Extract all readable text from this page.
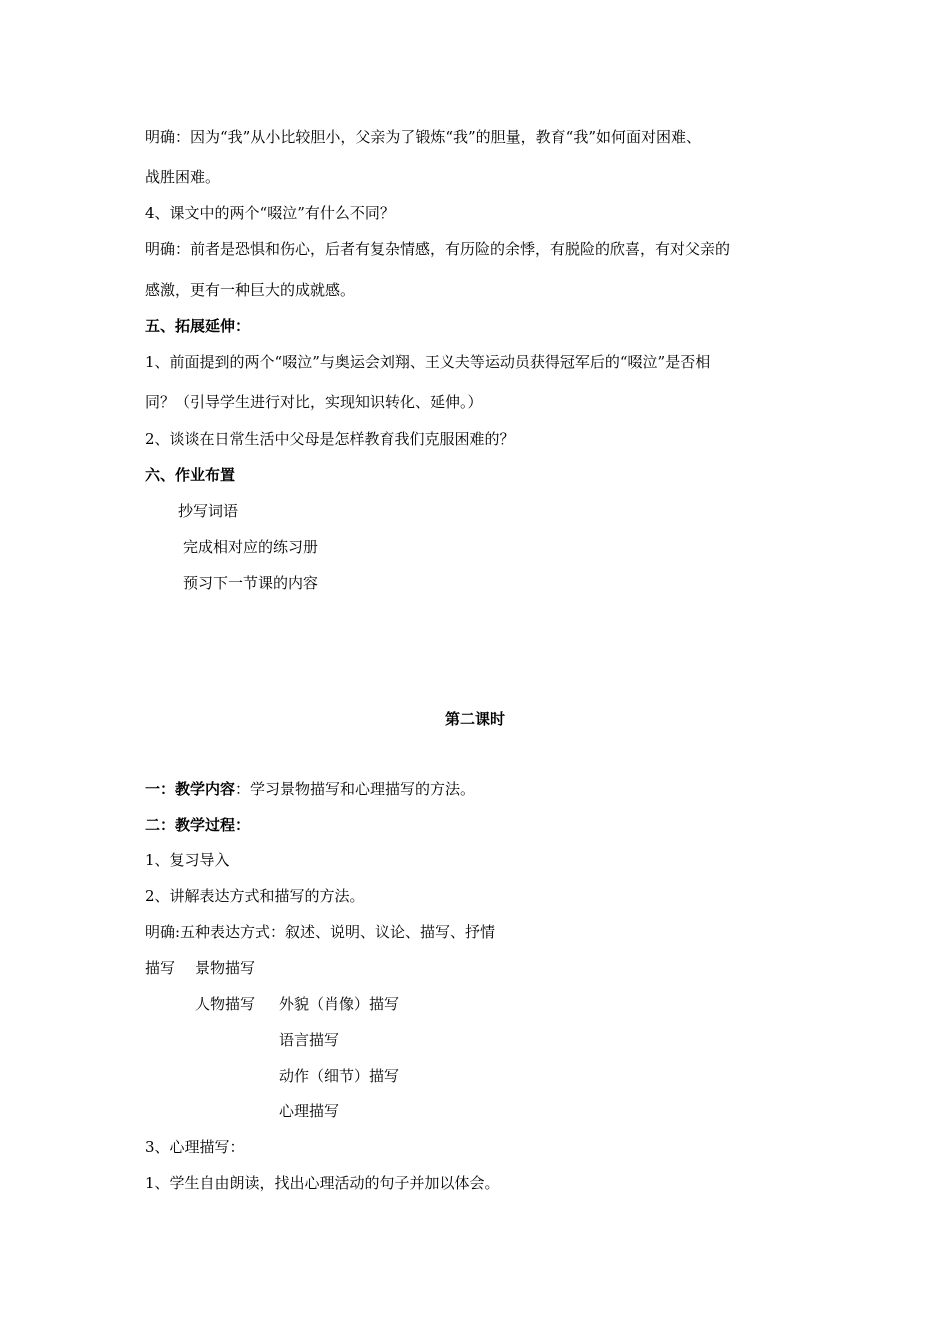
明确：因为“我”从小比较胆小，父亲为了锻炼“我”的胆量，教育“我”如何面对困难、
战胜困难。
4、课文中的两个“啜泣”有什么不同？
明确：前者是恐惧和伤心，后者有复杂情感，有历险的余悸，有脱险的欣喜，有对父亲的
感激，更有一种巨大的成就感。
五、拓展延伸：
1、前面提到的两个“啜泣”与奥运会刘翔、王义夫等运动员获得冠军后的“啜泣”是否相
同？（引导学生进行对比，实现知识转化、延伸。）
2、谈谈在日常生活中父母是怎样教育我们克服困难的？
六、作业布置
抄写词语
完成相对应的练习册
预习下一节课的内容
第二课时
一：教学内容：学习景物描写和心理描写的方法。
二：教学过程：
1、复习导入
2、讲解表达方式和描写的方法。
明确:五种表达方式：叙述、说明、议论、描写、抒情
描写 景物描写
人物描写 外貌（肖像）描写
语言描写
动作（细节）描写
心理描写
3、心理描写：
1、学生自由朗读，找出心理活动的句子并加以体会。
